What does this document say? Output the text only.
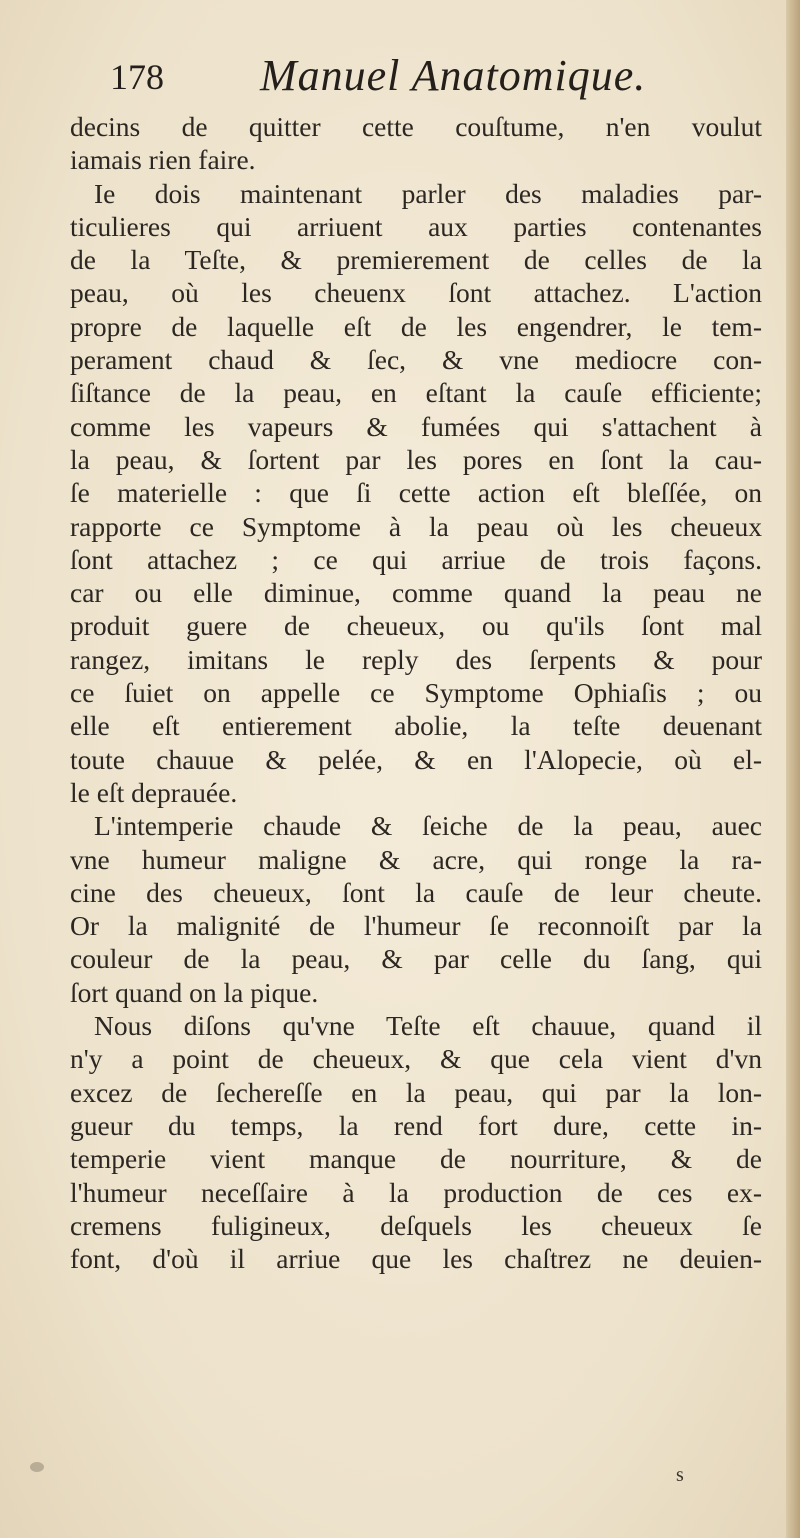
178 Manuel Anatomique.
decins de quitter cette couſtume, n'en voulut
iamais rien faire.
Ie dois maintenant parler des maladies par-
ticulieres qui arriuent aux parties contenantes
de la Teſte, & premierement de celles de la
peau, où les cheuenx ſont attachez. L'action
propre de laquelle eſt de les engendrer, le tem-
perament chaud & ſec, & vne mediocre con-
ſiſtance de la peau, en eſtant la cauſe efficiente;
comme les vapeurs & fumées qui s'attachent à
la peau, & ſortent par les pores en ſont la cau-
ſe materielle : que ſi cette action eſt bleſſée, on
rapporte ce Symptome à la peau où les cheueux
ſont attachez ; ce qui arriue de trois façons.
car ou elle diminue, comme quand la peau ne
produit guere de cheueux, ou qu'ils ſont mal
rangez, imitans le reply des ſerpents & pour
ce ſuiet on appelle ce Symptome Ophiaſis ; ou
elle eſt entierement abolie, la teſte deuenant
toute chauue & pelée, & en l'Alopecie, où el-
le eſt deprauée.
L'intemperie chaude & ſeiche de la peau, auec
vne humeur maligne & acre, qui ronge la ra-
cine des cheueux, ſont la cauſe de leur cheute.
Or la malignité de l'humeur ſe reconnoiſt par la
couleur de la peau, & par celle du ſang, qui
ſort quand on la pique.
Nous diſons qu'vne Teſte eſt chauue, quand il
n'y a point de cheueux, & que cela vient d'vn
excez de ſechereſſe en la peau, qui par la lon-
gueur du temps, la rend fort dure, cette in-
temperie vient manque de nourriture, & de
l'humeur neceſſaire à la production de ces ex-
cremens fuligineux, deſquels les cheueux ſe
font, d'où il arriue que les chaſtrez ne deuien-
s
